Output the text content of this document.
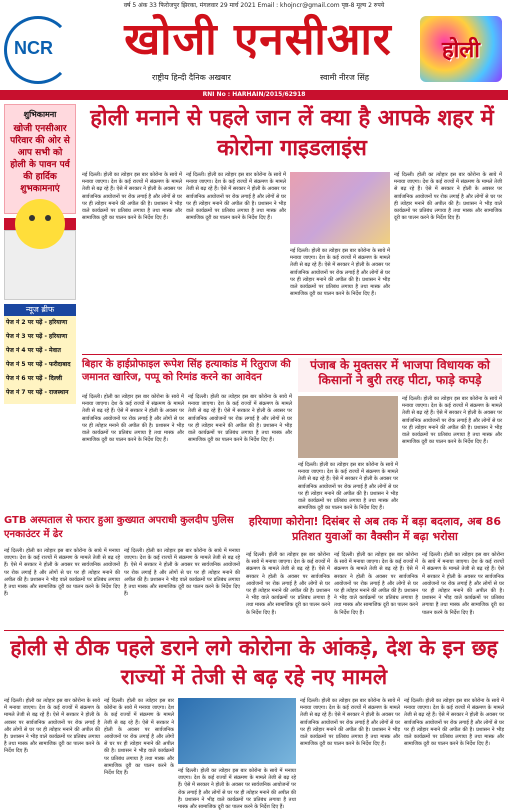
वर्ष 5 अंक 33 फिरोजपुर झिरका, मंगलवार 29 मार्च 2021 Email : khojncr@gmail.com पृष्ठ-8 मूल्य 2 रुपये
NCR	खोजी एनसीआर
राष्ट्रीय हिन्दी दैनिक अखबार	स्वामी नीरज सिंह
होली
RNI No : HARHAIN/2015/62918
शुभिकामना
खोजी एनसीआर परिवार की ओर से आप सभी को होली के पावन पर्व की हार्दिक शुभकामनाएं
न्यूज ब्रीफ
पेज नं 2 पर पढ़ें - हरियाणा
पेज नं 3 पर पढ़ें - हरियाणा
पेज नं 4 पर पढ़ें - मेवात
पेज नं 5 पर पढ़ें - फरीदाबाद
पेज नं 6 पर पढ़ें - दिल्ली
पेज नं 7 पर पढ़ें - राजस्थान
होली मनाने से पहले जान लें क्या है आपके शहर में कोरोना गाइडलाइंस
नई दिल्ली। होली का त्योहार इस बार कोरोना के साये में मनाया जाएगा। देश के कई राज्यों में संक्रमण के मामले तेजी से बढ़ रहे हैं। ऐसे में सरकार ने होली के अवसर पर सार्वजनिक आयोजनों पर रोक लगाई है और लोगों से घर पर ही त्योहार मनाने की अपील की है। प्रशासन ने भीड़ वाले कार्यक्रमों पर प्रतिबंध लगाया है तथा मास्क और सामाजिक दूरी का पालन करने के निर्देश दिए हैं।
नई दिल्ली। होली का त्योहार इस बार कोरोना के साये में मनाया जाएगा। देश के कई राज्यों में संक्रमण के मामले तेजी से बढ़ रहे हैं। ऐसे में सरकार ने होली के अवसर पर सार्वजनिक आयोजनों पर रोक लगाई है और लोगों से घर पर ही त्योहार मनाने की अपील की है। प्रशासन ने भीड़ वाले कार्यक्रमों पर प्रतिबंध लगाया है तथा मास्क और सामाजिक दूरी का पालन करने के निर्देश दिए हैं।
नई दिल्ली। होली का त्योहार इस बार कोरोना के साये में मनाया जाएगा। देश के कई राज्यों में संक्रमण के मामले तेजी से बढ़ रहे हैं। ऐसे में सरकार ने होली के अवसर पर सार्वजनिक आयोजनों पर रोक लगाई है और लोगों से घर पर ही त्योहार मनाने की अपील की है। प्रशासन ने भीड़ वाले कार्यक्रमों पर प्रतिबंध लगाया है तथा मास्क और सामाजिक दूरी का पालन करने के निर्देश दिए हैं।
नई दिल्ली। होली का त्योहार इस बार कोरोना के साये में मनाया जाएगा। देश के कई राज्यों में संक्रमण के मामले तेजी से बढ़ रहे हैं। ऐसे में सरकार ने होली के अवसर पर सार्वजनिक आयोजनों पर रोक लगाई है और लोगों से घर पर ही त्योहार मनाने की अपील की है। प्रशासन ने भीड़ वाले कार्यक्रमों पर प्रतिबंध लगाया है तथा मास्क और सामाजिक दूरी का पालन करने के निर्देश दिए हैं।
बिहार के हाईप्रोफाइल रूपेश सिंह हत्याकांड में रितुराज की जमानत खारिज, पप्पू को रिमांड करने का आवेदन
नई दिल्ली। होली का त्योहार इस बार कोरोना के साये में मनाया जाएगा। देश के कई राज्यों में संक्रमण के मामले तेजी से बढ़ रहे हैं। ऐसे में सरकार ने होली के अवसर पर सार्वजनिक आयोजनों पर रोक लगाई है और लोगों से घर पर ही त्योहार मनाने की अपील की है। प्रशासन ने भीड़ वाले कार्यक्रमों पर प्रतिबंध लगाया है तथा मास्क और सामाजिक दूरी का पालन करने के निर्देश दिए हैं।
नई दिल्ली। होली का त्योहार इस बार कोरोना के साये में मनाया जाएगा। देश के कई राज्यों में संक्रमण के मामले तेजी से बढ़ रहे हैं। ऐसे में सरकार ने होली के अवसर पर सार्वजनिक आयोजनों पर रोक लगाई है और लोगों से घर पर ही त्योहार मनाने की अपील की है। प्रशासन ने भीड़ वाले कार्यक्रमों पर प्रतिबंध लगाया है तथा मास्क और सामाजिक दूरी का पालन करने के निर्देश दिए हैं।
पंजाब के मुक्तसर में भाजपा विधायक को किसानों ने बुरी तरह पीटा, फाड़े कपड़े
नई दिल्ली। होली का त्योहार इस बार कोरोना के साये में मनाया जाएगा। देश के कई राज्यों में संक्रमण के मामले तेजी से बढ़ रहे हैं। ऐसे में सरकार ने होली के अवसर पर सार्वजनिक आयोजनों पर रोक लगाई है और लोगों से घर पर ही त्योहार मनाने की अपील की है। प्रशासन ने भीड़ वाले कार्यक्रमों पर प्रतिबंध लगाया है तथा मास्क और सामाजिक दूरी का पालन करने के निर्देश दिए हैं।
नई दिल्ली। होली का त्योहार इस बार कोरोना के साये में मनाया जाएगा। देश के कई राज्यों में संक्रमण के मामले तेजी से बढ़ रहे हैं। ऐसे में सरकार ने होली के अवसर पर सार्वजनिक आयोजनों पर रोक लगाई है और लोगों से घर पर ही त्योहार मनाने की अपील की है। प्रशासन ने भीड़ वाले कार्यक्रमों पर प्रतिबंध लगाया है तथा मास्क और सामाजिक दूरी का पालन करने के निर्देश दिए हैं।
GTB अस्पताल से फरार हुआ कुख्यात अपराधी कुलदीप पुलिस एनकाउंटर में ढेर
नई दिल्ली। होली का त्योहार इस बार कोरोना के साये में मनाया जाएगा। देश के कई राज्यों में संक्रमण के मामले तेजी से बढ़ रहे हैं। ऐसे में सरकार ने होली के अवसर पर सार्वजनिक आयोजनों पर रोक लगाई है और लोगों से घर पर ही त्योहार मनाने की अपील की है। प्रशासन ने भीड़ वाले कार्यक्रमों पर प्रतिबंध लगाया है तथा मास्क और सामाजिक दूरी का पालन करने के निर्देश दिए हैं।
नई दिल्ली। होली का त्योहार इस बार कोरोना के साये में मनाया जाएगा। देश के कई राज्यों में संक्रमण के मामले तेजी से बढ़ रहे हैं। ऐसे में सरकार ने होली के अवसर पर सार्वजनिक आयोजनों पर रोक लगाई है और लोगों से घर पर ही त्योहार मनाने की अपील की है। प्रशासन ने भीड़ वाले कार्यक्रमों पर प्रतिबंध लगाया है तथा मास्क और सामाजिक दूरी का पालन करने के निर्देश दिए हैं।
हरियाणा कोरोना! दिसंबर से अब तक में बड़ा बदलाव, अब 86 प्रतिशत युवाओं का वैक्सीन में बढ़ा भरोसा
नई दिल्ली। होली का त्योहार इस बार कोरोना के साये में मनाया जाएगा। देश के कई राज्यों में संक्रमण के मामले तेजी से बढ़ रहे हैं। ऐसे में सरकार ने होली के अवसर पर सार्वजनिक आयोजनों पर रोक लगाई है और लोगों से घर पर ही त्योहार मनाने की अपील की है। प्रशासन ने भीड़ वाले कार्यक्रमों पर प्रतिबंध लगाया है तथा मास्क और सामाजिक दूरी का पालन करने के निर्देश दिए हैं।
नई दिल्ली। होली का त्योहार इस बार कोरोना के साये में मनाया जाएगा। देश के कई राज्यों में संक्रमण के मामले तेजी से बढ़ रहे हैं। ऐसे में सरकार ने होली के अवसर पर सार्वजनिक आयोजनों पर रोक लगाई है और लोगों से घर पर ही त्योहार मनाने की अपील की है। प्रशासन ने भीड़ वाले कार्यक्रमों पर प्रतिबंध लगाया है तथा मास्क और सामाजिक दूरी का पालन करने के निर्देश दिए हैं।
नई दिल्ली। होली का त्योहार इस बार कोरोना के साये में मनाया जाएगा। देश के कई राज्यों में संक्रमण के मामले तेजी से बढ़ रहे हैं। ऐसे में सरकार ने होली के अवसर पर सार्वजनिक आयोजनों पर रोक लगाई है और लोगों से घर पर ही त्योहार मनाने की अपील की है। प्रशासन ने भीड़ वाले कार्यक्रमों पर प्रतिबंध लगाया है तथा मास्क और सामाजिक दूरी का पालन करने के निर्देश दिए हैं।
होली से ठीक पहले डराने लगे कोरोना के आंकड़े, देश के इन छह राज्यों में तेजी से बढ़ रहे नए मामले
नई दिल्ली। होली का त्योहार इस बार कोरोना के साये में मनाया जाएगा। देश के कई राज्यों में संक्रमण के मामले तेजी से बढ़ रहे हैं। ऐसे में सरकार ने होली के अवसर पर सार्वजनिक आयोजनों पर रोक लगाई है और लोगों से घर पर ही त्योहार मनाने की अपील की है। प्रशासन ने भीड़ वाले कार्यक्रमों पर प्रतिबंध लगाया है तथा मास्क और सामाजिक दूरी का पालन करने के निर्देश दिए हैं।
नई दिल्ली। होली का त्योहार इस बार कोरोना के साये में मनाया जाएगा। देश के कई राज्यों में संक्रमण के मामले तेजी से बढ़ रहे हैं। ऐसे में सरकार ने होली के अवसर पर सार्वजनिक आयोजनों पर रोक लगाई है और लोगों से घर पर ही त्योहार मनाने की अपील की है। प्रशासन ने भीड़ वाले कार्यक्रमों पर प्रतिबंध लगाया है तथा मास्क और सामाजिक दूरी का पालन करने के निर्देश दिए हैं।	नई दिल्ली। होली का त्योहार इस बार कोरोना के साये में मनाया जाएगा। देश के कई राज्यों में संक्रमण के मामले तेजी से बढ़ रहे हैं। ऐसे में सरकार ने होली के अवसर पर सार्वजनिक आयोजनों पर रोक लगाई है और लोगों से घर पर ही त्योहार मनाने की अपील की है। प्रशासन ने भीड़ वाले कार्यक्रमों पर प्रतिबंध लगाया है तथा मास्क और सामाजिक दूरी का पालन करने के निर्देश दिए हैं।
नई दिल्ली। होली का त्योहार इस बार कोरोना के साये में मनाया जाएगा। देश के कई राज्यों में संक्रमण के मामले तेजी से बढ़ रहे हैं। ऐसे में सरकार ने होली के अवसर पर सार्वजनिक आयोजनों पर रोक लगाई है और लोगों से घर पर ही त्योहार मनाने की अपील की है। प्रशासन ने भीड़ वाले कार्यक्रमों पर प्रतिबंध लगाया है तथा मास्क और सामाजिक दूरी का पालन करने के निर्देश दिए हैं।
नई दिल्ली। होली का त्योहार इस बार कोरोना के साये में मनाया जाएगा। देश के कई राज्यों में संक्रमण के मामले तेजी से बढ़ रहे हैं। ऐसे में सरकार ने होली के अवसर पर सार्वजनिक आयोजनों पर रोक लगाई है और लोगों से घर पर ही त्योहार मनाने की अपील की है। प्रशासन ने भीड़ वाले कार्यक्रमों पर प्रतिबंध लगाया है तथा मास्क और सामाजिक दूरी का पालन करने के निर्देश दिए हैं।
